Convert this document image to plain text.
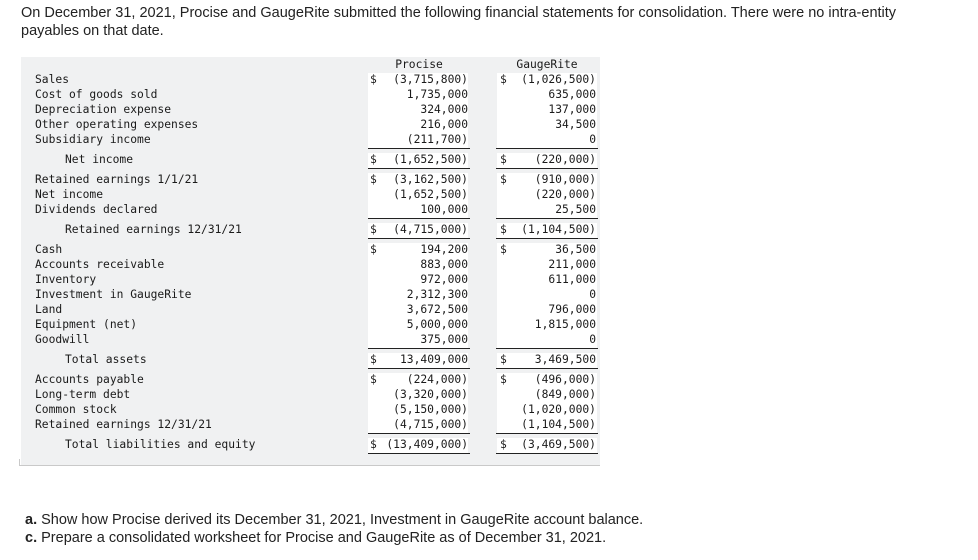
On December 31, 2021, Procise and GaugeRite submitted the following financial statements for consolidation. There were no intra-entity payables on that date.
Procise	GaugeRite
Sales	(3,715,800)	(1,026,500)
$	$
Cost of goods sold	1,735,000	635,000
Depreciation expense	324,000	137,000
Other operating expenses	216,000	34,500
Subsidiary income	(211,700)	0
Net income	(1,652,500)	(220,000)
$	$
Retained earnings 1/1/21	(3,162,500)	(910,000)
$	$
Net income	(1,652,500)	(220,000)
Dividends declared	100,000	25,500
Retained earnings 12/31/21	(4,715,000)	(1,104,500)
$	$
Cash	194,200	36,500
$	$
Accounts receivable	883,000	211,000
Inventory	972,000	611,000
Investment in GaugeRite	2,312,300	0
Land	3,672,500	796,000
Equipment (net)	5,000,000	1,815,000
Goodwill	375,000	0
Total assets	13,409,000	3,469,500
$	$
Accounts payable	(224,000)	(496,000)
$	$
Long-term debt	(3,320,000)	(849,000)
Common stock	(5,150,000)	(1,020,000)
Retained earnings 12/31/21	(4,715,000)	(1,104,500)
Total liabilities and equity	(13,409,000)	(3,469,500)
$	$
a. Show how Procise derived its December 31, 2021, Investment in GaugeRite account balance.
c. Prepare a consolidated worksheet for Procise and GaugeRite as of December 31, 2021.
